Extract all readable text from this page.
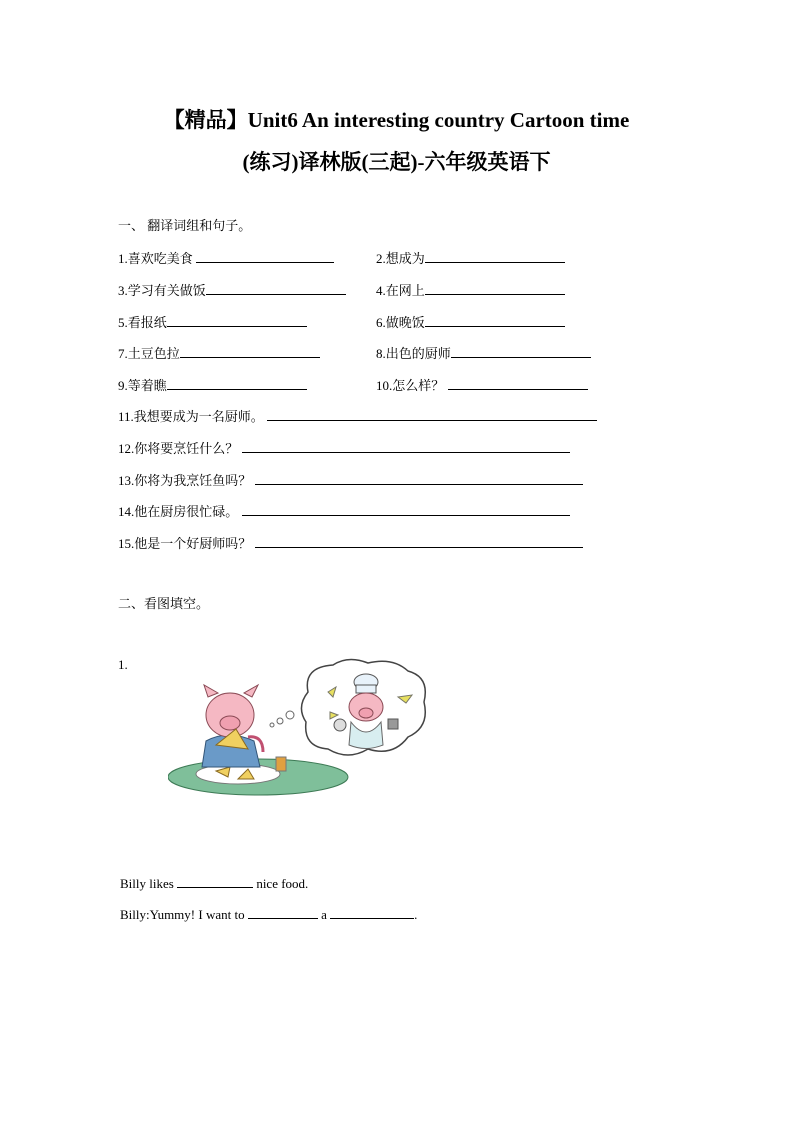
【精品】Unit6 An interesting country Cartoon time
(练习)译林版(三起)-六年级英语下
一、 翻译词组和句子。
1.喜欢吃美食	2.想成为
3.学习有关做饭	4.在网上
5.看报纸	6.做晚饭
7.土豆色拉	8.出色的厨师
9.等着瞧	10.怎么样？
11.我想要成为一名厨师。
12.你将要烹饪什么？
13.你将为我烹饪鱼吗？
14.他在厨房很忙碌。
15.他是一个好厨师吗？
二、看图填空。
1.
Billy likes	nice food.
Billy:Yummy! I want to	a	.
